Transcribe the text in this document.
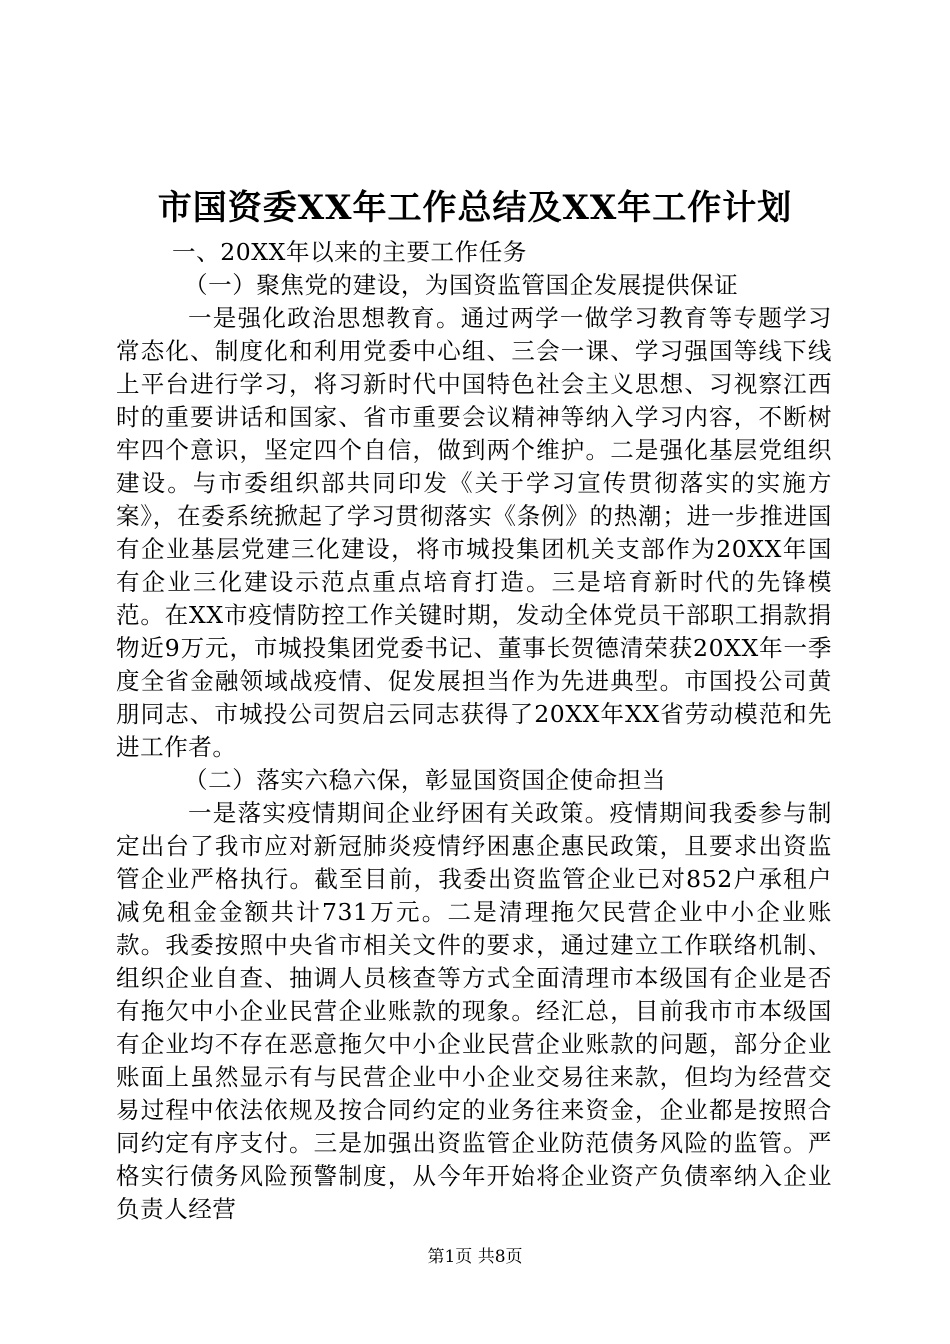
市国资委XX年工作总结及XX年工作计划

一、20XX年以来的主要工作任务

（一）聚焦党的建设，为国资监管国企发展提供保证

一是强化政治思想教育。通过两学一做学习教育等专题学习常态化、制度化和利用党委中心组、三会一课、学习强国等线下线上平台进行学习，将习新时代中国特色社会主义思想、习视察江西时的重要讲话和国家、省市重要会议精神等纳入学习内容，不断树牢四个意识，坚定四个自信，做到两个维护。二是强化基层党组织建设。与市委组织部共同印发《关于学习宣传贯彻落实的实施方案》，在委系统掀起了学习贯彻落实《条例》的热潮；进一步推进国有企业基层党建三化建设，将市城投集团机关支部作为20XX年国有企业三化建设示范点重点培育打造。三是培育新时代的先锋模范。在XX市疫情防控工作关键时期，发动全体党员干部职工捐款捐物近9万元，市城投集团党委书记、董事长贺德清荣获20XX年一季度全省金融领域战疫情、促发展担当作为先进典型。市国投公司黄朋同志、市城投公司贺启云同志获得了20XX年XX省劳动模范和先进工作者。

（二）落实六稳六保，彰显国资国企使命担当

一是落实疫情期间企业纾困有关政策。疫情期间我委参与制定出台了我市应对新冠肺炎疫情纾困惠企惠民政策，且要求出资监管企业严格执行。截至目前，我委出资监管企业已对852户承租户减免租金金额共计731万元。二是清理拖欠民营企业中小企业账款。我委按照中央省市相关文件的要求，通过建立工作联络机制、组织企业自查、抽调人员核查等方式全面清理市本级国有企业是否有拖欠中小企业民营企业账款的现象。经汇总，目前我市市本级国有企业均不存在恶意拖欠中小企业民营企业账款的问题，部分企业账面上虽然显示有与民营企业中小企业交易往来款，但均为经营交易过程中依法依规及按合同约定的业务往来资金，企业都是按照合同约定有序支付。三是加强出资监管企业防范债务风险的监管。严格实行债务风险预警制度，从今年开始将企业资产负债率纳入企业负责人经营

第1页 共8页
